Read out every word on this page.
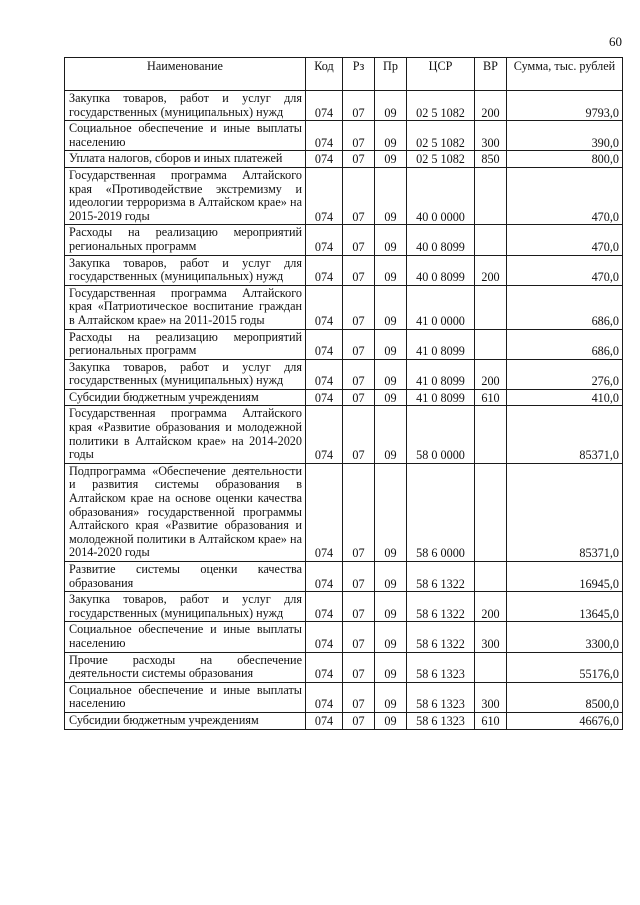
60
Наименование	Код	Рз	Пр	ЦСР	ВР	Сумма, тыс. рублей
Закупка товаров, работ и услуг для государственных (муниципальных) нужд	074	07	09	02 5 1082	200	9793,0
Социальное обеспечение и иные выплаты населению	074	07	09	02 5 1082	300	390,0
Уплата налогов, сборов и иных платежей	074	07	09	02 5 1082	850	800,0
Государственная программа Алтайского края «Противодействие экстремизму и идеологии терроризма в Алтайском крае» на 2015-2019 годы	074	07	09	40 0 0000		470,0
Расходы на реализацию мероприятий региональных программ	074	07	09	40 0 8099		470,0
Закупка товаров, работ и услуг для государственных (муниципальных) нужд	074	07	09	40 0 8099	200	470,0
Государственная программа Алтайского края «Патриотическое воспитание граждан в Алтайском крае» на 2011-2015 годы	074	07	09	41 0 0000		686,0
Расходы на реализацию мероприятий региональных программ	074	07	09	41 0 8099		686,0
Закупка товаров, работ и услуг для государственных (муниципальных) нужд	074	07	09	41 0 8099	200	276,0
Субсидии бюджетным учреждениям	074	07	09	41 0 8099	610	410,0
Государственная программа Алтайского края «Развитие образования и молодежной политики в Алтайском крае» на 2014-2020 годы	074	07	09	58 0 0000		85371,0
Подпрограмма «Обеспечение деятельности и развития системы образования в Алтайском крае на основе оценки качества образования» государственной программы Алтайского края «Развитие образования и молодежной политики в Алтайском крае» на 2014-2020 годы	074	07	09	58 6 0000		85371,0
Развитие системы оценки качества образования	074	07	09	58 6 1322		16945,0
Закупка товаров, работ и услуг для государственных (муниципальных) нужд	074	07	09	58 6 1322	200	13645,0
Социальное обеспечение и иные выплаты населению	074	07	09	58 6 1322	300	3300,0
Прочие расходы на обеспечение деятельности системы образования	074	07	09	58 6 1323		55176,0
Социальное обеспечение и иные выплаты населению	074	07	09	58 6 1323	300	8500,0
Субсидии бюджетным учреждениям	074	07	09	58 6 1323	610	46676,0
